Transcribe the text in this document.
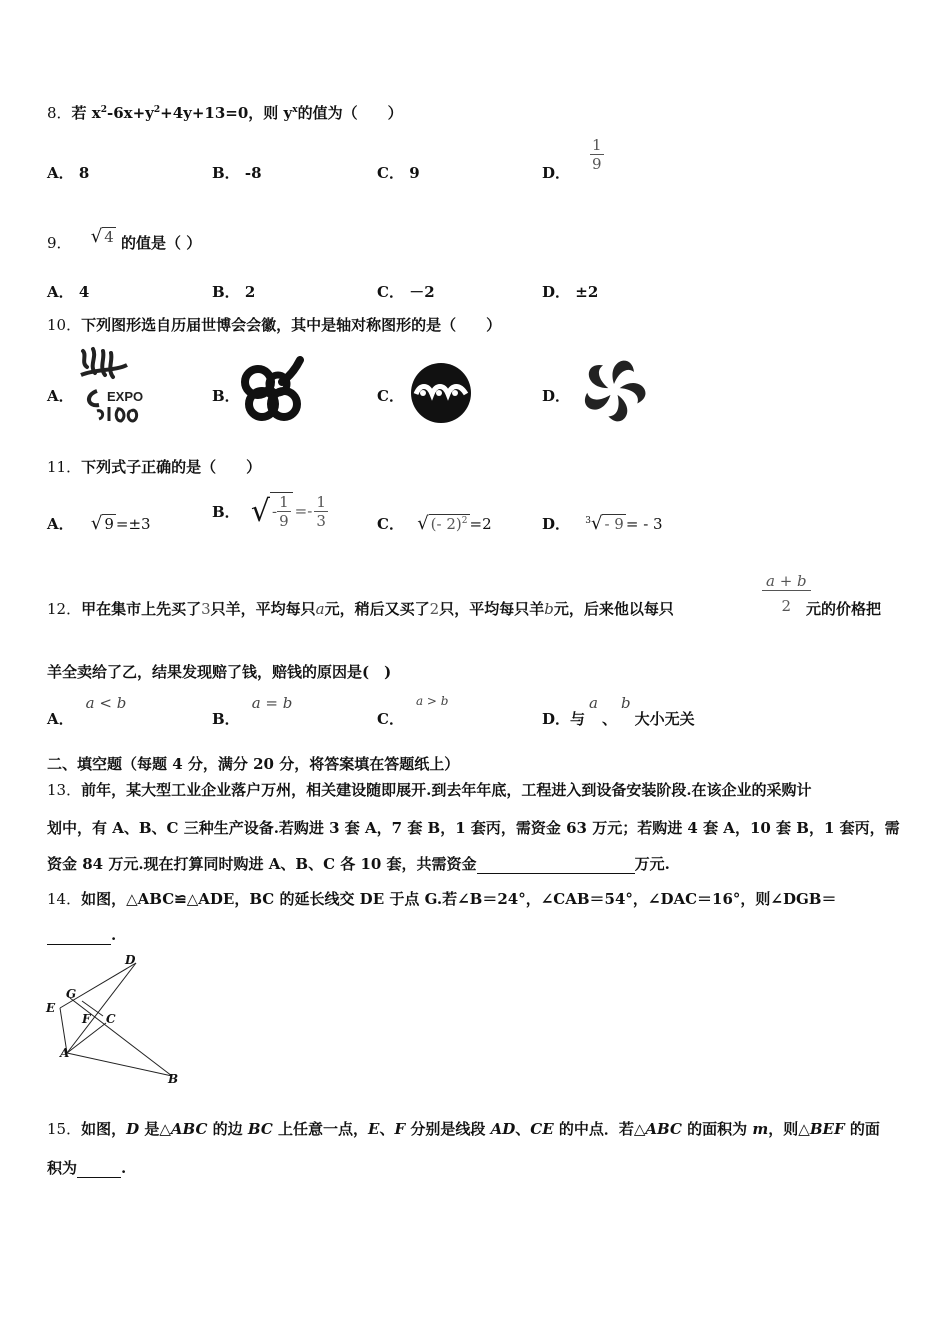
8．若 $x^2-6x+y^2+4y+13=0$，则 $y^x$的值为（　　）
A． 8	B． -8	C． 9	D． $\frac{1}{9}$
9． √ 4 的值是（ ）
A． 4	B． 2	C． －2	D． ±2
10．下列图形选自历届世博会会徽，其中是轴对称图形的是（　　）
A．	EXPO	B．	C．	D．
11．下列式子正确的是（　　）
A． √ 9 =±3
B． √ - $\frac{1}{9} =- \frac{1}{3}$	C． √ (- 2)$^2$ =2	D． $^3$√ - 9 = - 3
12．甲在集市上先买了3只羊，平均每只a元，稍后又买了2只，平均每只羊b元，后来他以每只	$\frac{a + b}{2}$
元的价格把
羊全卖给了乙，结果发现赔了钱，赔钱的原因是(　)
A．a < b
B．a = b
C．$^{a > b}$
D．与a、b大小无关
二、填空题（每题 4 分，满分 20 分，将答案填在答题纸上）
13．前年，某大型工业企业落户万州，相关建设随即展开.到去年年底，工程进入到设备安装阶段.在该企业的采购计
划中，有 A、B、C 三种生产设备.若购进 3 套 A，7 套 B，1 套丙，需资金 63 万元；若购进 4 套 A，10 套 B，1 套丙，需
资金 84 万元.现在打算同时购进 A、B、C 各 10 套，共需资金	万元.
14．如图，△ABC≌△ADE，BC 的延长线交 DE 于点 G.若∠B＝24°，∠CAB＝54°，∠DAC＝16°，则∠DGB＝
.
D
G
E
F C
A
B
15．如图，D 是△ABC 的边 BC 上任意一点，E、F 分别是线段 AD、CE 的中点．若△ABC 的面积为 m，则△BEF 的面
积为	.
